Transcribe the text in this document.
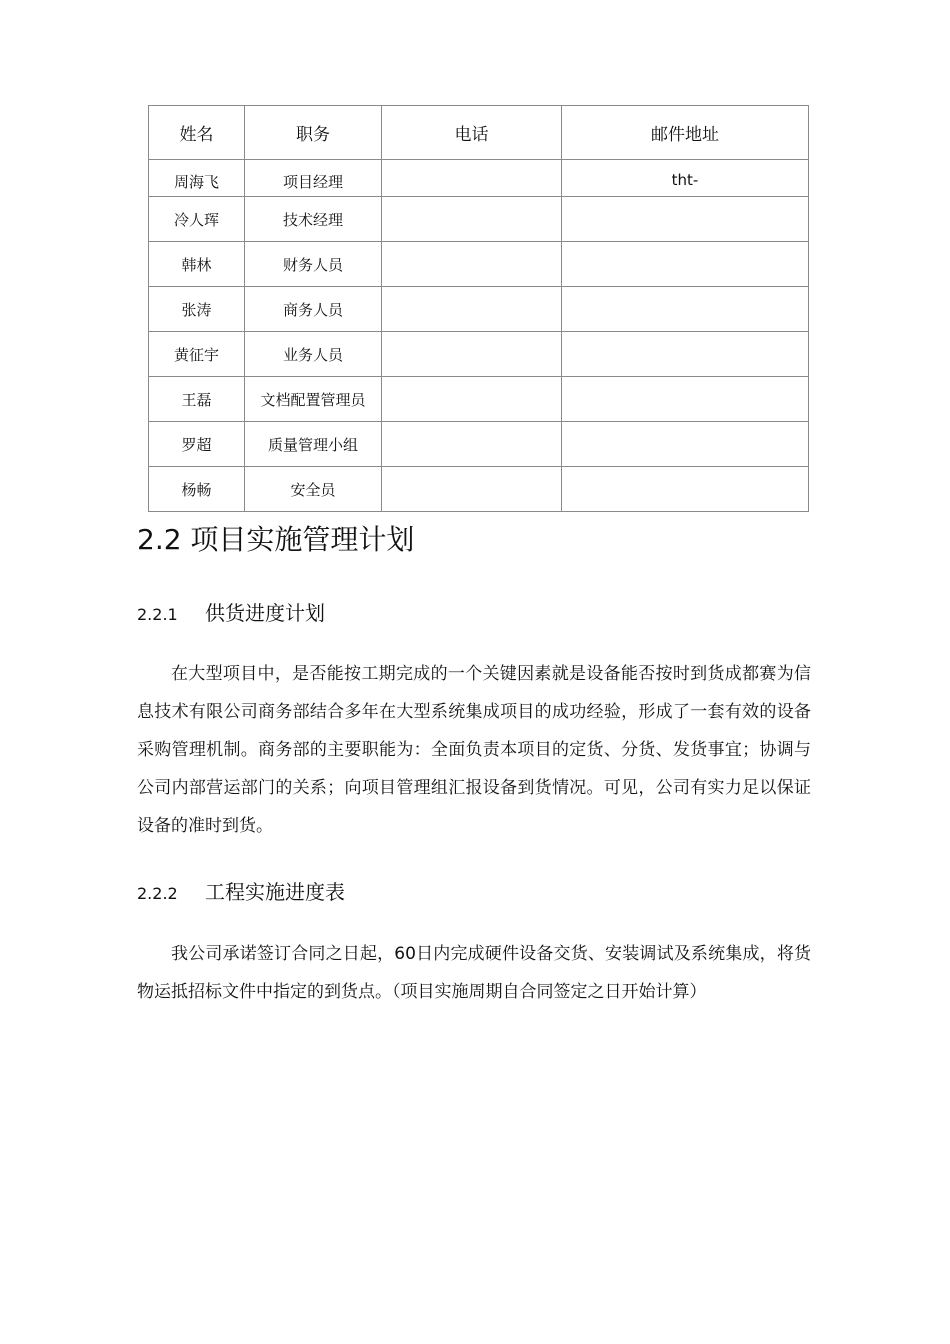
姓名	职务	电话	邮件地址
周海飞	项目经理		tht-
冷人珲	技术经理		
韩林	财务人员		
张涛	商务人员		
黄征宇	业务人员		
王磊	文档配置管理员		
罗超	质量管理小组		
杨畅	安全员		
2.2 项目实施管理计划
2.2.1 供货进度计划

在大型项目中，是否能按工期完成的一个关键因素就是设备能否按时到货成都赛为信息技术有限公司商务部结合多年在大型系统集成项目的成功经验，形成了一套有效的设备采购管理机制。商务部的主要职能为：全面负责本项目的定货、分货、发货事宜；协调与公司内部营运部门的关系；向项目管理组汇报设备到货情况。可见，公司有实力足以保证设备的准时到货。

2.2.2 工程实施进度表

我公司承诺签订合同之日起，60日内完成硬件设备交货、安装调试及系统集成，将货物运抵招标文件中指定的到货点。（项目实施周期自合同签定之日开始计算）
